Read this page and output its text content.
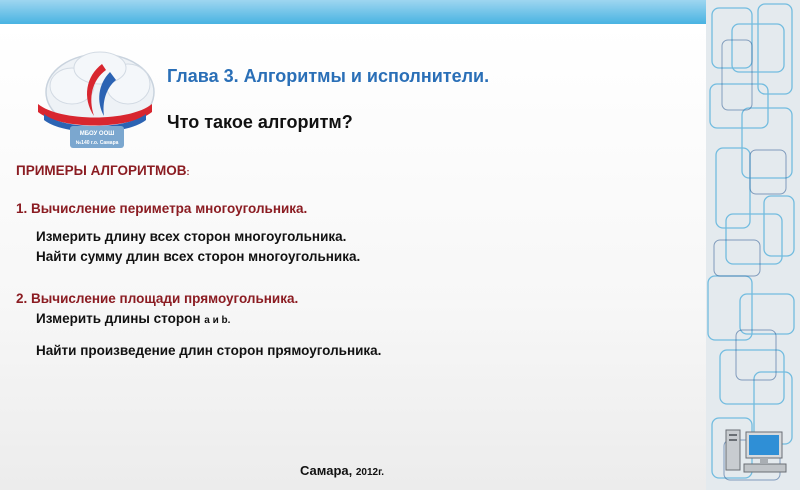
МБОУ ООШ
№140 г.о. Самара

Глава 3. Алгоритмы и исполнители.

Что такое алгоритм?

ПРИМЕРЫ АЛГОРИТМОВ:

1. Вычисление периметра многоугольника.

Измерить длину всех сторон многоугольника.

Найти сумму длин всех сторон многоугольника.

2. Вычисление площади прямоугольника.

Измерить длины сторон a и b.

Найти произведение длин сторон прямоугольника.

Самара, 2012г.
